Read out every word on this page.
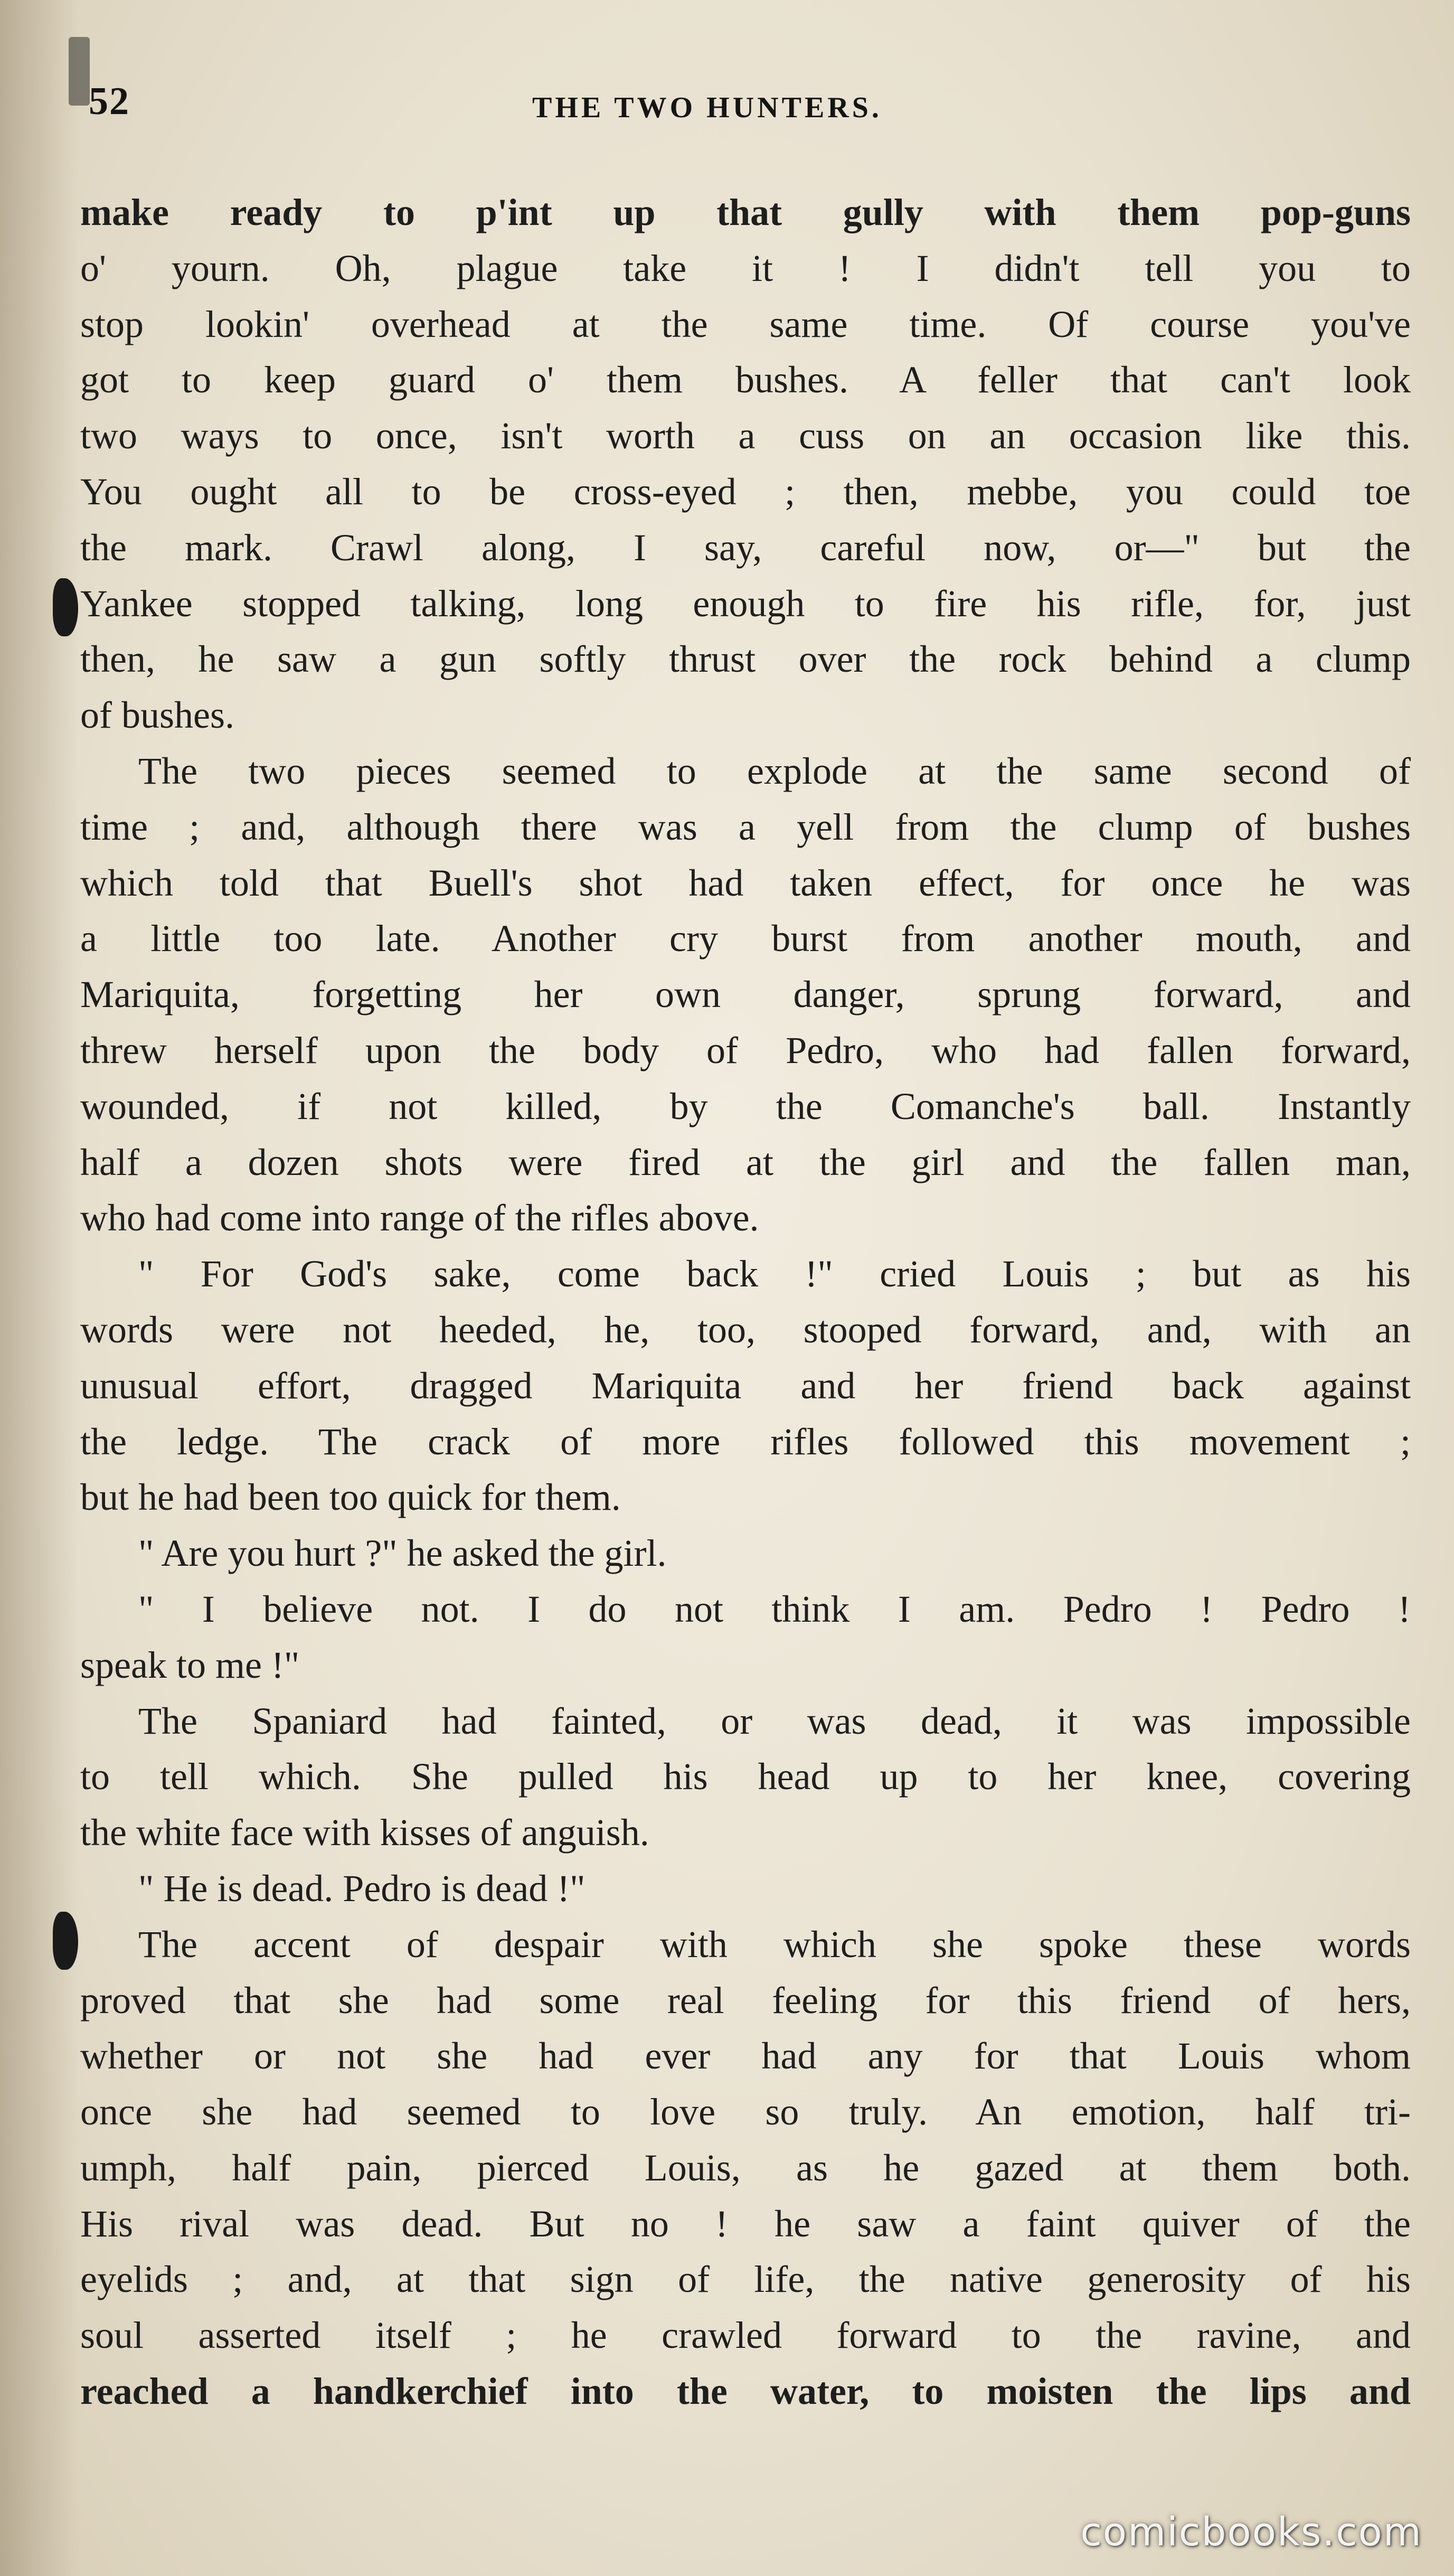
52	THE TWO HUNTERS.
make ready to p'int up that gully with them pop-guns
o' yourn. Oh, plague take it ! I didn't tell you to
stop lookin' overhead at the same time. Of course you've
got to keep guard o' them bushes. A feller that can't look
two ways to once, isn't worth a cuss on an occasion like this.
You ought all to be cross-eyed ; then, mebbe, you could toe
the mark. Crawl along, I say, careful now, or—" but the
Yankee stopped talking, long enough to fire his rifle, for, just
then, he saw a gun softly thrust over the rock behind a clump
of bushes.
The two pieces seemed to explode at the same second of
time ; and, although there was a yell from the clump of bushes
which told that Buell's shot had taken effect, for once he was
a little too late. Another cry burst from another mouth, and
Mariquita, forgetting her own danger, sprung forward, and
threw herself upon the body of Pedro, who had fallen forward,
wounded, if not killed, by the Comanche's ball. Instantly
half a dozen shots were fired at the girl and the fallen man,
who had come into range of the rifles above.
" For God's sake, come back !" cried Louis ; but as his
words were not heeded, he, too, stooped forward, and, with an
unusual effort, dragged Mariquita and her friend back against
the ledge. The crack of more rifles followed this movement ;
but he had been too quick for them.
" Are you hurt ?" he asked the girl.
" I believe not. I do not think I am. Pedro ! Pedro !
speak to me !"
The Spaniard had fainted, or was dead, it was impossible
to tell which. She pulled his head up to her knee, covering
the white face with kisses of anguish.
" He is dead. Pedro is dead !"
The accent of despair with which she spoke these words
proved that she had some real feeling for this friend of hers,
whether or not she had ever had any for that Louis whom
once she had seemed to love so truly. An emotion, half tri-
umph, half pain, pierced Louis, as he gazed at them both.
His rival was dead. But no ! he saw a faint quiver of the
eyelids ; and, at that sign of life, the native generosity of his
soul asserted itself ; he crawled forward to the ravine, and
reached a handkerchief into the water, to moisten the lips and
comicbooks.com
